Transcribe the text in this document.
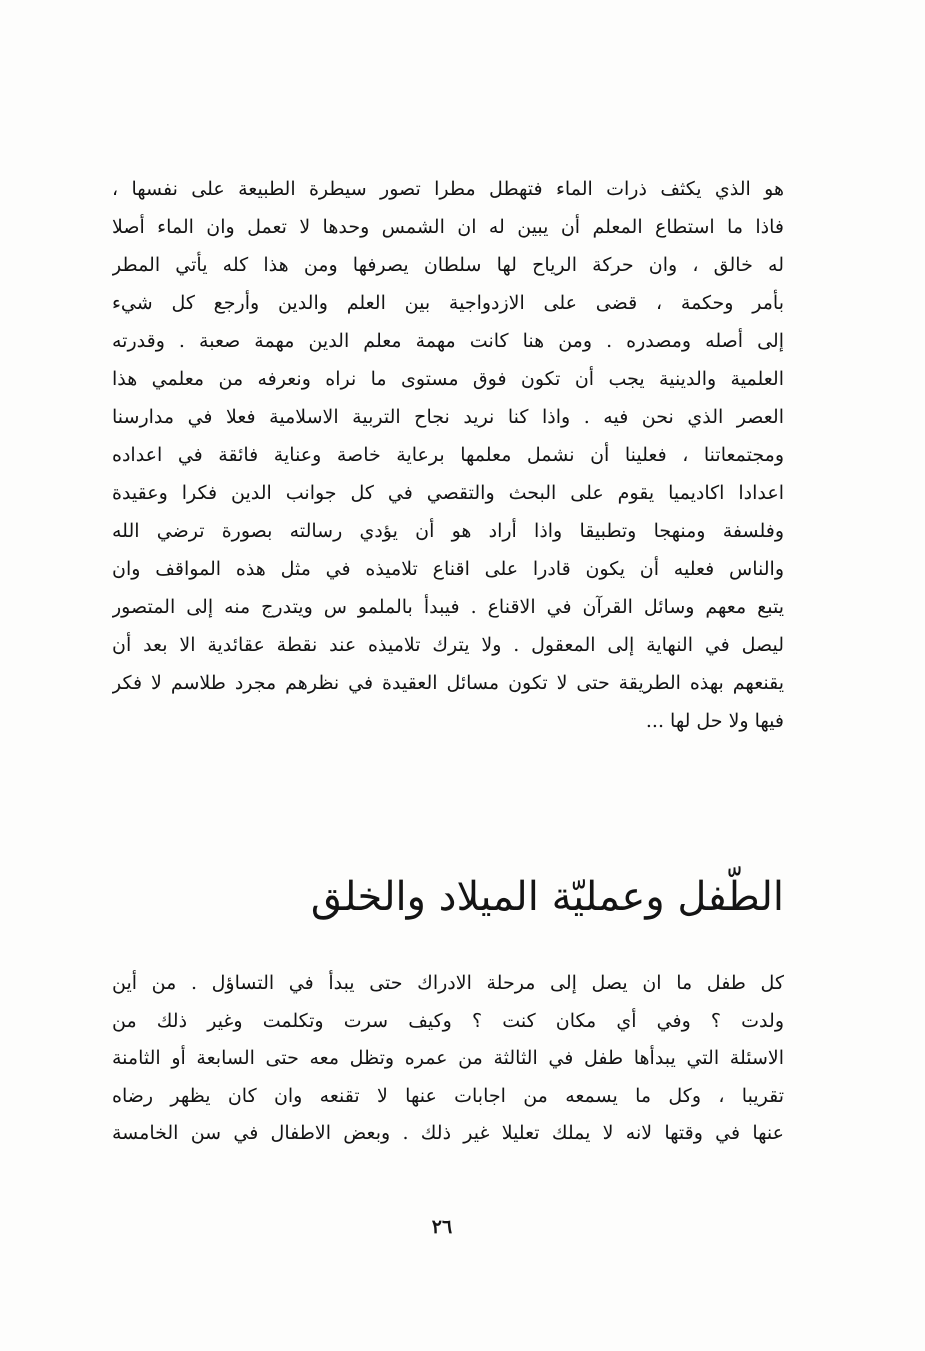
هو الذي يكثف ذرات الماء فتهطل مطرا تصور سيطرة الطبيعة على نفسها ،
فاذا ما استطاع المعلم أن يبين له ان الشمس وحدها لا تعمل وان الماء أصلا
له خالق ، وان حركة الرياح لها سلطان يصرفها ومن هذا كله يأتي المطر
بأمر وحكمة ، قضى على الازدواجية بين العلم والدين وأرجع كل شيء
إلى أصله ومصدره . ومن هنا كانت مهمة معلم الدين مهمة صعبة . وقدرته
العلمية والدينية يجب أن تكون فوق مستوى ما نراه ونعرفه من معلمي هذا
العصر الذي نحن فيه . واذا كنا نريد نجاح التربية الاسلامية فعلا في مدارسنا
ومجتمعاتنا ، فعلينا أن نشمل معلمها برعاية خاصة وعناية فائقة في اعداده
اعدادا اكاديميا يقوم على البحث والتقصي في كل جوانب الدين فكرا وعقيدة
وفلسفة ومنهجا وتطبيقا واذا أراد هو أن يؤدي رسالته بصورة ترضي الله
والناس فعليه أن يكون قادرا على اقناع تلاميذه في مثل هذه المواقف وان
يتبع معهم وسائل القرآن في الاقناع . فيبدأ بالملمو س ويتدرج منه إلى المتصور
ليصل في النهاية إلى المعقول . ولا يترك تلاميذه عند نقطة عقائدية الا بعد أن
يقنعهم بهذه الطريقة حتى لا تكون مسائل العقيدة في نظرهم مجرد طلاسم لا فكر
فيها ولا حل لها ...
الطّفل وعمليّة الميلاد والخلق
كل طفل ما ان يصل إلى مرحلة الادراك حتى يبدأ في التساؤل . من أين
ولدت ؟ وفي أي مكان كنت ؟ وكيف سرت وتكلمت وغير ذلك من
الاسئلة التي يبدأها طفل في الثالثة من عمره وتظل معه حتى السابعة أو الثامنة
تقريبا ، وكل ما يسمعه من اجابات عنها لا تقنعه وان كان يظهر رضاه
عنها في وقتها لانه لا يملك تعليلا غير ذلك . وبعض الاطفال في سن الخامسة
٢٦
